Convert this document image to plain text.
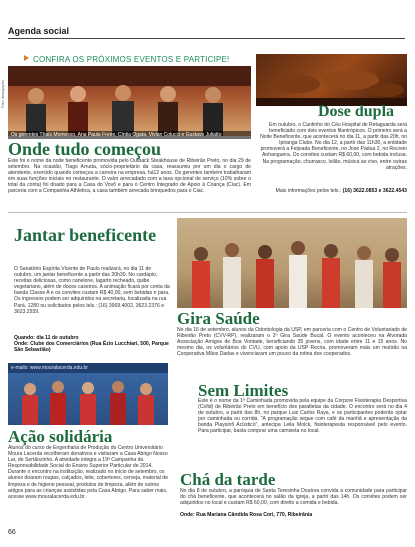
Agenda social
CONFIRA OS PRÓXIMOS EVENTOS E PARTICIPE!
Foto divulgação
Os gerentes Thaís Momesso, Ana Paula Freire, Cíntia Ogata, Vivian Colucci e Gustavo Juliatto
Dose dupla
Em outubro, o Cantinho do Céu Hospital de Retaguarda será beneficiado com dois eventos filantrópicos. O primeiro será a Noite Beneficente, que acontecerá no dia 11, a partir das 20h, no Ipiranga Clube. No dia 12, a partir das 11h30, a entidade promoverá a Feijoada Beneficente, no José Pádua 2, no Recreio Anhanguera. Os convites custam R$ 60,00, com bebida inclusa. Na programação, churrasco, leilão, música ao vivo, entre outras atrações.
Mais informações pelos tels.: (16) 3622.0853 e 3622.4543
Onde tudo começou
Este foi o nome da noite beneficente promovida pelo Outback Steakhouse de Ribeirão Preto, no dia 29 de setembro. Na ocasião, Tiago Arruda, sócio-proprietário da casa, reassumiu por um dia o cargo de atendente, exercido quando começou a carreira na empresa, há12 anos. Os gerentes também trabalharam em suas funções iniciais no restaurante. O valor arrecadado com a taxa opcional de serviço (10% sobre o total da conta) foi doado para a Casa do Vovô e para o Centro Integrado de Apoio à Criança (Ciac). Em parceria com a Companhia Athletica, a casa também arrecada brinquedos para o Ciac.
Jantar beneficente
O Sanatório Espírita Vicente de Paulo realizará, no dia 11 de outubro, um jantar beneficente a partir das 20h30. No cardápio, receitas deliciosas, como canelone, lagarto recheado, quibe vegetariano, além de doces caseiros. A animação ficará por conta da banda Classe A e os convites custam R$ 40,00, sem bebidas e para. Os ingressos podem ser adquiridos na secretaria, localizada na rua Pará, 1280 ou solicitados pelos tels.: (16) 3969.4002, 3623.2376 e 3623.2939.
Quando: dia 11 de outubro
Onde: Clube dos Comerciários (Rua Ézio Lucchiari, 500, Parque São Sebastião)
Gira Saúde
No dia 16 de setembro, alunos da Odontologia da USP, em parceria com o Centro de Voluntariado de Ribeirão Preto (CVV-RP), realizaram o 2º Gira Saúde Bucal. O evento aconteceu na Alvorada Associação Amigos de Boa Vontade, beneficiando 35 jovens, com idade entre 11 e 15 anos. No mesmo dia, os voluntários do CVU, com apoio da USP Recria, promoveram mais um mutirão na Cooperativa Mãos Dadas e vivenciaram um pouco da rotina dos cooperados.
e-mails: www.mouralacerda.edu.br
Sem Limites
Este é o nome da 1ª Caminhada promovida pela equipe da Corpore Fisioterapia Desportiva (Cofid) de Ribeirão Preto em benefício dos paratletas da cidade. O encontro será no dia 4 de outubro, a partir das 8h, no parque Luiz Carlos Raya, e os participantes poderão optar por caminhada ou corrida. "A programação segue com café da manhã e apresentação da banda Playsinfi Acústico", antecipa Leila Molck, fisioterapeuta responsável pelo evento. Para participar, basta comprar uma camiseta no local.
Ação solidária
Alunos do curso de Engenharia de Produção do Centro Universitário Moura Lacerda recolheram donativos e visitaram a Casa Abrigo Nosso Lar, de Sertãozinho. A atividade integra a 19ª Campanha da Responsabilidade Social do Ensino Superior Particular de 2014. Durante o encontro na instituição, realizado no início de setembro, os alunos doaram roupas, calçados, leite, cobertores, cerveja, material de limpeza e de higiene pessoal, produtos de limpeza, além de outros artigos para as crianças assistidas pela Casa Abrigo. Para saber mais, acesse www.mouralacerda.edu.br.
Chá da tarde
No dia 8 de outubro, a paróquia de Santa Teresinha Doutora convida a comunidade para participar do chá beneficente, que acontecerá no salão da igreja, a partir das 14h. Os convites podem ser adquiridos no local e custam R$ 60,00, com direito a comida e bebida.
Onde: Rua Mariana Cândida Rosa Cori, 770, Ribeirânia
66
